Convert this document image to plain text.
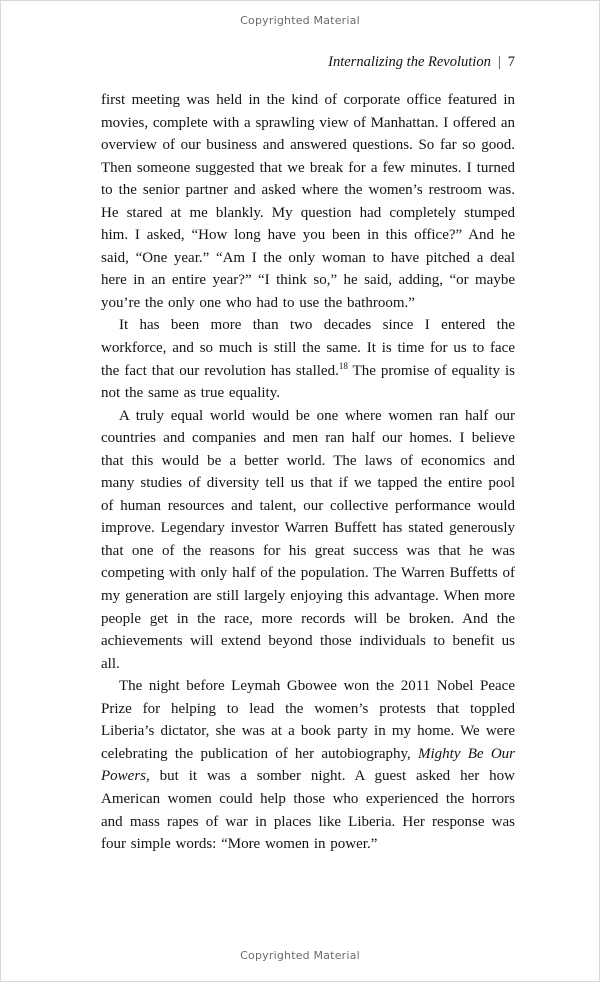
Copyrighted Material
Internalizing the Revolution | 7

first meeting was held in the kind of corporate office featured in movies, complete with a sprawling view of Manhattan. I offered an overview of our business and answered questions. So far so good. Then someone suggested that we break for a few minutes. I turned to the senior partner and asked where the women’s restroom was. He stared at me blankly. My question had completely stumped him. I asked, “How long have you been in this office?” And he said, “One year.” “Am I the only woman to have pitched a deal here in an entire year?” “I think so,” he said, adding, “or maybe you’re the only one who had to use the bathroom.”

It has been more than two decades since I entered the workforce, and so much is still the same. It is time for us to face the fact that our revolution has stalled.$^{18}$ The promise of equality is not the same as true equality.

A truly equal world would be one where women ran half our countries and companies and men ran half our homes. I believe that this would be a better world. The laws of economics and many studies of diversity tell us that if we tapped the entire pool of human resources and talent, our collective performance would improve. Legendary investor Warren Buffett has stated generously that one of the reasons for his great success was that he was competing with only half of the population. The Warren Buffetts of my generation are still largely enjoying this advantage. When more people get in the race, more records will be broken. And the achievements will extend beyond those individuals to benefit us all.

The night before Leymah Gbowee won the 2011 Nobel Peace Prize for helping to lead the women’s protests that toppled Liberia’s dictator, she was at a book party in my home. We were celebrating the publication of her autobiography, Mighty Be Our Powers, but it was a somber night. A guest asked her how American women could help those who experienced the horrors and mass rapes of war in places like Liberia. Her response was four simple words: “More women in power.”

Copyrighted Material
